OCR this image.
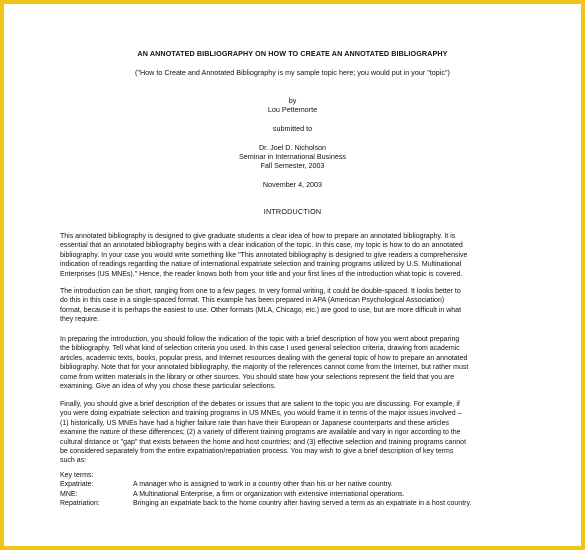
AN ANNOTATED BIBLIOGRAPHY ON HOW TO CREATE AN ANNOTATED BIBLIOGRAPHY
("How to Create and Annotated Bibliography is my sample topic here; you would put in your "topic")
by
Lou Pettemorte
submitted to
Dr. Joel D. Nicholson
Seminar in International Business
Fall Semester, 2003
November 4, 2003
INTRODUCTION
This annotated bibliography is designed to give graduate students a clear idea of how to prepare an annotated bibliography. It is
essential that an annotated bibliography begins with a clear indication of the topic. In this case, my topic is how to do an annotated
bibliography. In your case you would write something like "This annotated bibliography is designed to give readers a comprehensive
indication of readings regarding the nature of international expatriate selection and training programs utilized by U.S. Multinational
Enterprises (US MNEs)." Hence, the reader knows both from your title and your first lines of the introduction what topic is covered.
The introduction can be short, ranging from one to a few pages. In very formal writing, it could be double-spaced. It looks better to
do this in this case in a single-spaced format. This example has been prepared in APA (American Psychological Association)
format, because it is perhaps the easiest to use. Other formats (MLA, Chicago, etc.) are good to use, but are more difficult in what
they require.
In preparing the introduction, you should follow the indication of the topic with a brief description of how you went about preparing
the bibliography. Tell what kind of selection criteria you used. In this case I used general selection criteria, drawing from academic
articles, academic texts, books, popular press, and Internet resources dealing with the general topic of how to prepare an annotated
bibliography. Note that for your annotated bibliography, the majority of the references cannot come from the Internet, but rather must
come from written materials in the library or other sources. You should state how your selections represent the field that you are
examining. Give an idea of why you chose these particular selections.
Finally, you should give a brief description of the debates or issues that are salient to the topic you are discussing. For example, if
you were doing expatriate selection and training programs in US MNEs, you would frame it in terms of the major issues involved –
(1) historically, US MNEs have had a higher failure rate than have their European or Japanese counterparts and these articles
examine the nature of these differences; (2) a variety of different training programs are available and vary in rigor according to the
cultural distance or "gap" that exists between the home and host countries; and (3) effective selection and training programs cannot
be considered separately from the entire expatriation/repatriation process. You may wish to give a brief description of key terms
such as:
Key terms:
Expatriate:	A manager who is assigned to work in a country other than his or her native country.
MNE:	A Multinational Enterprise, a firm or organization with extensive international operations.
Repatriation:	Bringing an expatriate back to the home country after having served a term as an expatriate in a host country.
